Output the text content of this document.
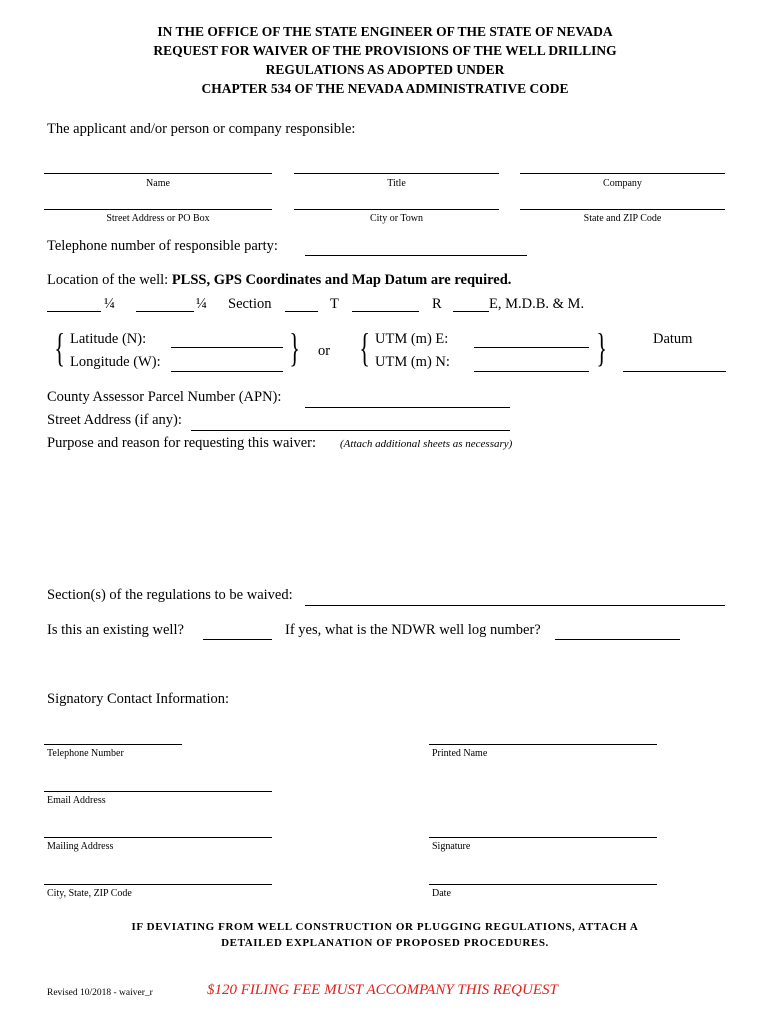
IN THE OFFICE OF THE STATE ENGINEER OF THE STATE OF NEVADA
REQUEST FOR WAIVER OF THE PROVISIONS OF THE WELL DRILLING
REGULATIONS AS ADOPTED UNDER
CHAPTER 534 OF THE NEVADA ADMINISTRATIVE CODE
The applicant and/or person or company responsible:
Name	Title	Company
Street Address or PO Box	City or Town	State and ZIP Code
Telephone number of responsible party:
Location of the well: PLSS, GPS Coordinates and Map Datum are required.
¼	¼ Section	T	R	E, M.D.B. & M.
{ Latitude (N):
Longitude (W):	} or { UTM (m) E:
UTM (m) N:	}	Datum
County Assessor Parcel Number (APN):
Street Address (if any):
Purpose and reason for requesting this waiver: (Attach additional sheets as necessary)
Section(s) of the regulations to be waived:
Is this an existing well?	If yes, what is the NDWR well log number?
Signatory Contact Information:
Telephone Number	Printed Name
Email Address
Mailing Address	Signature
City, State, ZIP Code	Date
IF DEVIATING FROM WELL CONSTRUCTION OR PLUGGING REGULATIONS, ATTACH A
DETAILED EXPLANATION OF PROPOSED PROCEDURES.
Revised 10/2018 - waiver_r	$120 FILING FEE MUST ACCOMPANY THIS REQUEST
